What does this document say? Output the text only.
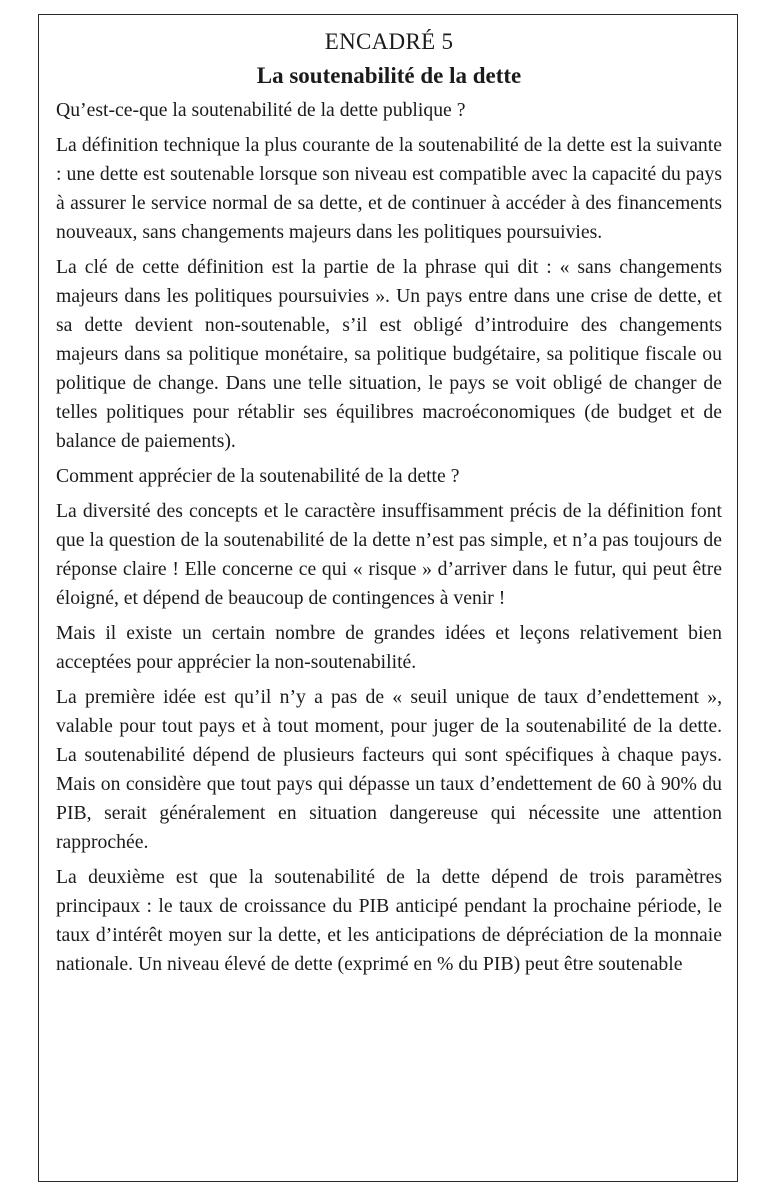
ENCADRÉ 5
La soutenabilité de la dette

Qu’est-ce-que la soutenabilité de la dette publique ?

La définition technique la plus courante de la soutenabilité de la dette est la suivante : une dette est soutenable lorsque son niveau est compatible avec la capacité du pays à assurer le service normal de sa dette, et de continuer à accéder à des financements nouveaux, sans changements majeurs dans les politiques poursuivies.

La clé de cette définition est la partie de la phrase qui dit : « sans changements majeurs dans les politiques poursuivies ». Un pays entre dans une crise de dette, et sa dette devient non-soutenable, s’il est obligé d’introduire des changements majeurs dans sa politique monétaire, sa politique budgétaire, sa politique fiscale ou politique de change. Dans une telle situation, le pays se voit obligé de changer de telles politiques pour rétablir ses équilibres macroéconomiques (de budget et de balance de paiements).

Comment apprécier de la soutenabilité de la dette ?

La diversité des concepts et le caractère insuffisamment précis de la définition font que la question de la soutenabilité de la dette n’est pas simple, et n’a pas toujours de réponse claire ! Elle concerne ce qui « risque » d’arriver dans le futur, qui peut être éloigné, et dépend de beaucoup de contingences à venir !

Mais il existe un certain nombre de grandes idées et leçons relativement bien acceptées pour apprécier la non-soutenabilité.

La première idée est qu’il n’y a pas de « seuil unique de taux d’endettement », valable pour tout pays et à tout moment, pour juger de la soutenabilité de la dette. La soutenabilité dépend de plusieurs facteurs qui sont spécifiques à chaque pays. Mais on considère que tout pays qui dépasse un taux d’endettement de 60 à 90% du PIB, serait généralement en situation dangereuse qui nécessite une attention rapprochée.

La deuxième est que la soutenabilité de la dette dépend de trois paramètres principaux : le taux de croissance du PIB anticipé pendant la prochaine période, le taux d’intérêt moyen sur la dette, et les anticipations de dépréciation de la monnaie nationale. Un niveau élevé de dette (exprimé en % du PIB) peut être soutenable
